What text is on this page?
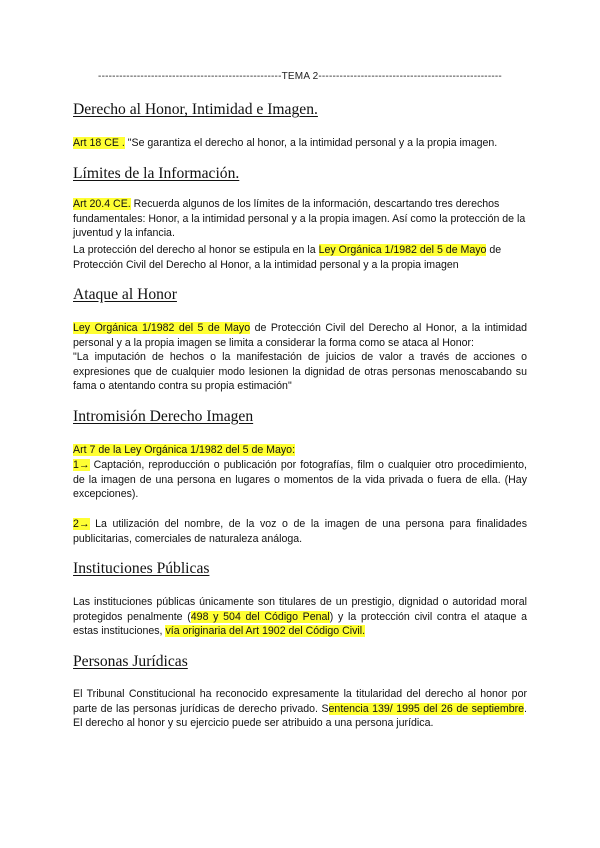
----------------------------------------------------TEMA 2----------------------------------------------------
Derecho al Honor, Intimidad e Imagen.

Art 18 CE . "Se garantiza el derecho al honor, a la intimidad personal y a la propia imagen.

Límites de la Información.

Art 20.4 CE. Recuerda algunos de los límites de la información, descartando tres derechos fundamentales: Honor, a la intimidad personal y a la propia imagen. Así como la protección de la juventud y la infancia.

La protección del derecho al honor se estipula en la Ley Orgánica 1/1982 del 5 de Mayo de Protección Civil del Derecho al Honor, a la intimidad personal y a la propia imagen

Ataque al Honor

Ley Orgánica 1/1982 del 5 de Mayo de Protección Civil del Derecho al Honor, a la intimidad personal y a la propia imagen se limita a considerar la forma como se ataca al Honor:
"La imputación de hechos o la manifestación de juicios de valor a través de acciones o expresiones que de cualquier modo lesionen la dignidad de otras personas menoscabando su fama o atentando contra su propia estimación"

Intromisión Derecho Imagen

Art 7 de la Ley Orgánica 1/1982 del 5 de Mayo:

1→ Captación, reproducción o publicación por fotografías, film o cualquier otro procedimiento, de la imagen de una persona en lugares o momentos de la vida privada o fuera de ella. (Hay excepciones).

2→ La utilización del nombre, de la voz o de la imagen de una persona para finalidades publicitarias, comerciales de naturaleza análoga.

Instituciones Públicas

Las instituciones públicas únicamente son titulares de un prestigio, dignidad o autoridad moral protegidos penalmente (498 y 504 del Código Penal) y la protección civil contra el ataque a estas instituciones, vía originaria del Art 1902 del Código Civil.

Personas Jurídicas

El Tribunal Constitucional ha reconocido expresamente la titularidad del derecho al honor por parte de las personas jurídicas de derecho privado. Sentencia 139/ 1995 del 26 de septiembre. El derecho al honor y su ejercicio puede ser atribuido a una persona jurídica.
